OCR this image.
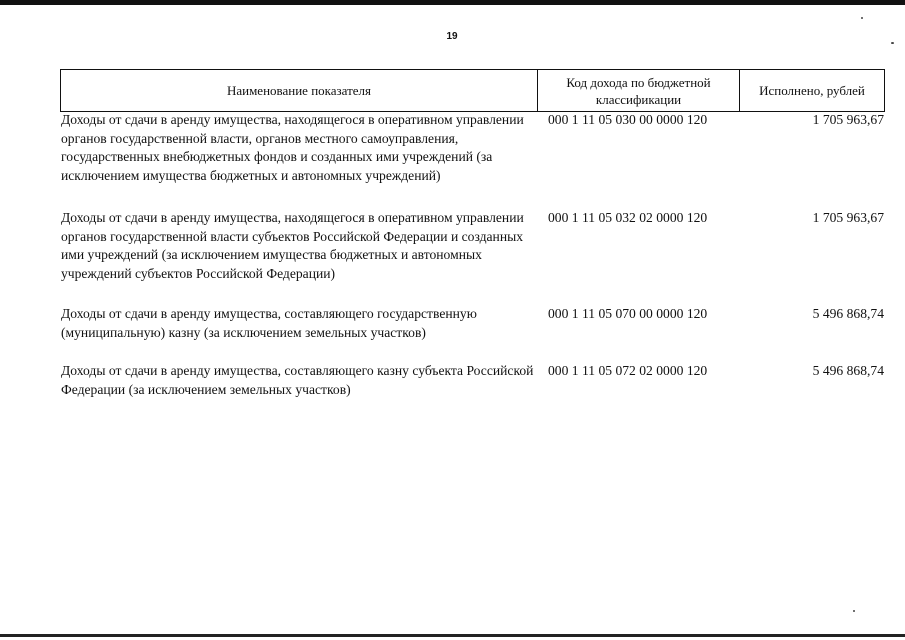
19
Наименование показателя	Код дохода по бюджетной классификации	Исполнено, рублей
Доходы от сдачи в аренду имущества, находящегося в оперативном управлении органов государственной власти, органов местного самоуправления, государственных внебюджетных фондов и созданных ими учреждений (за исключением имущества бюджетных и автономных учреждений)	000 1 11 05 030 00 0000 120	1 705 963,67
Доходы от сдачи в аренду имущества, находящегося в оперативном управлении органов государственной власти субъектов Российской Федерации и созданных ими учреждений (за исключением имущества бюджетных и автономных учреждений субъектов Российской Федерации)	000 1 11 05 032 02 0000 120	1 705 963,67
Доходы от сдачи в аренду имущества, составляющего государственную (муниципальную) казну (за исключением земельных участков)	000 1 11 05 070 00 0000 120	5 496 868,74
Доходы от сдачи в аренду имущества, составляющего казну субъекта Российской Федерации (за исключением земельных участков)	000 1 11 05 072 02 0000 120	5 496 868,74
